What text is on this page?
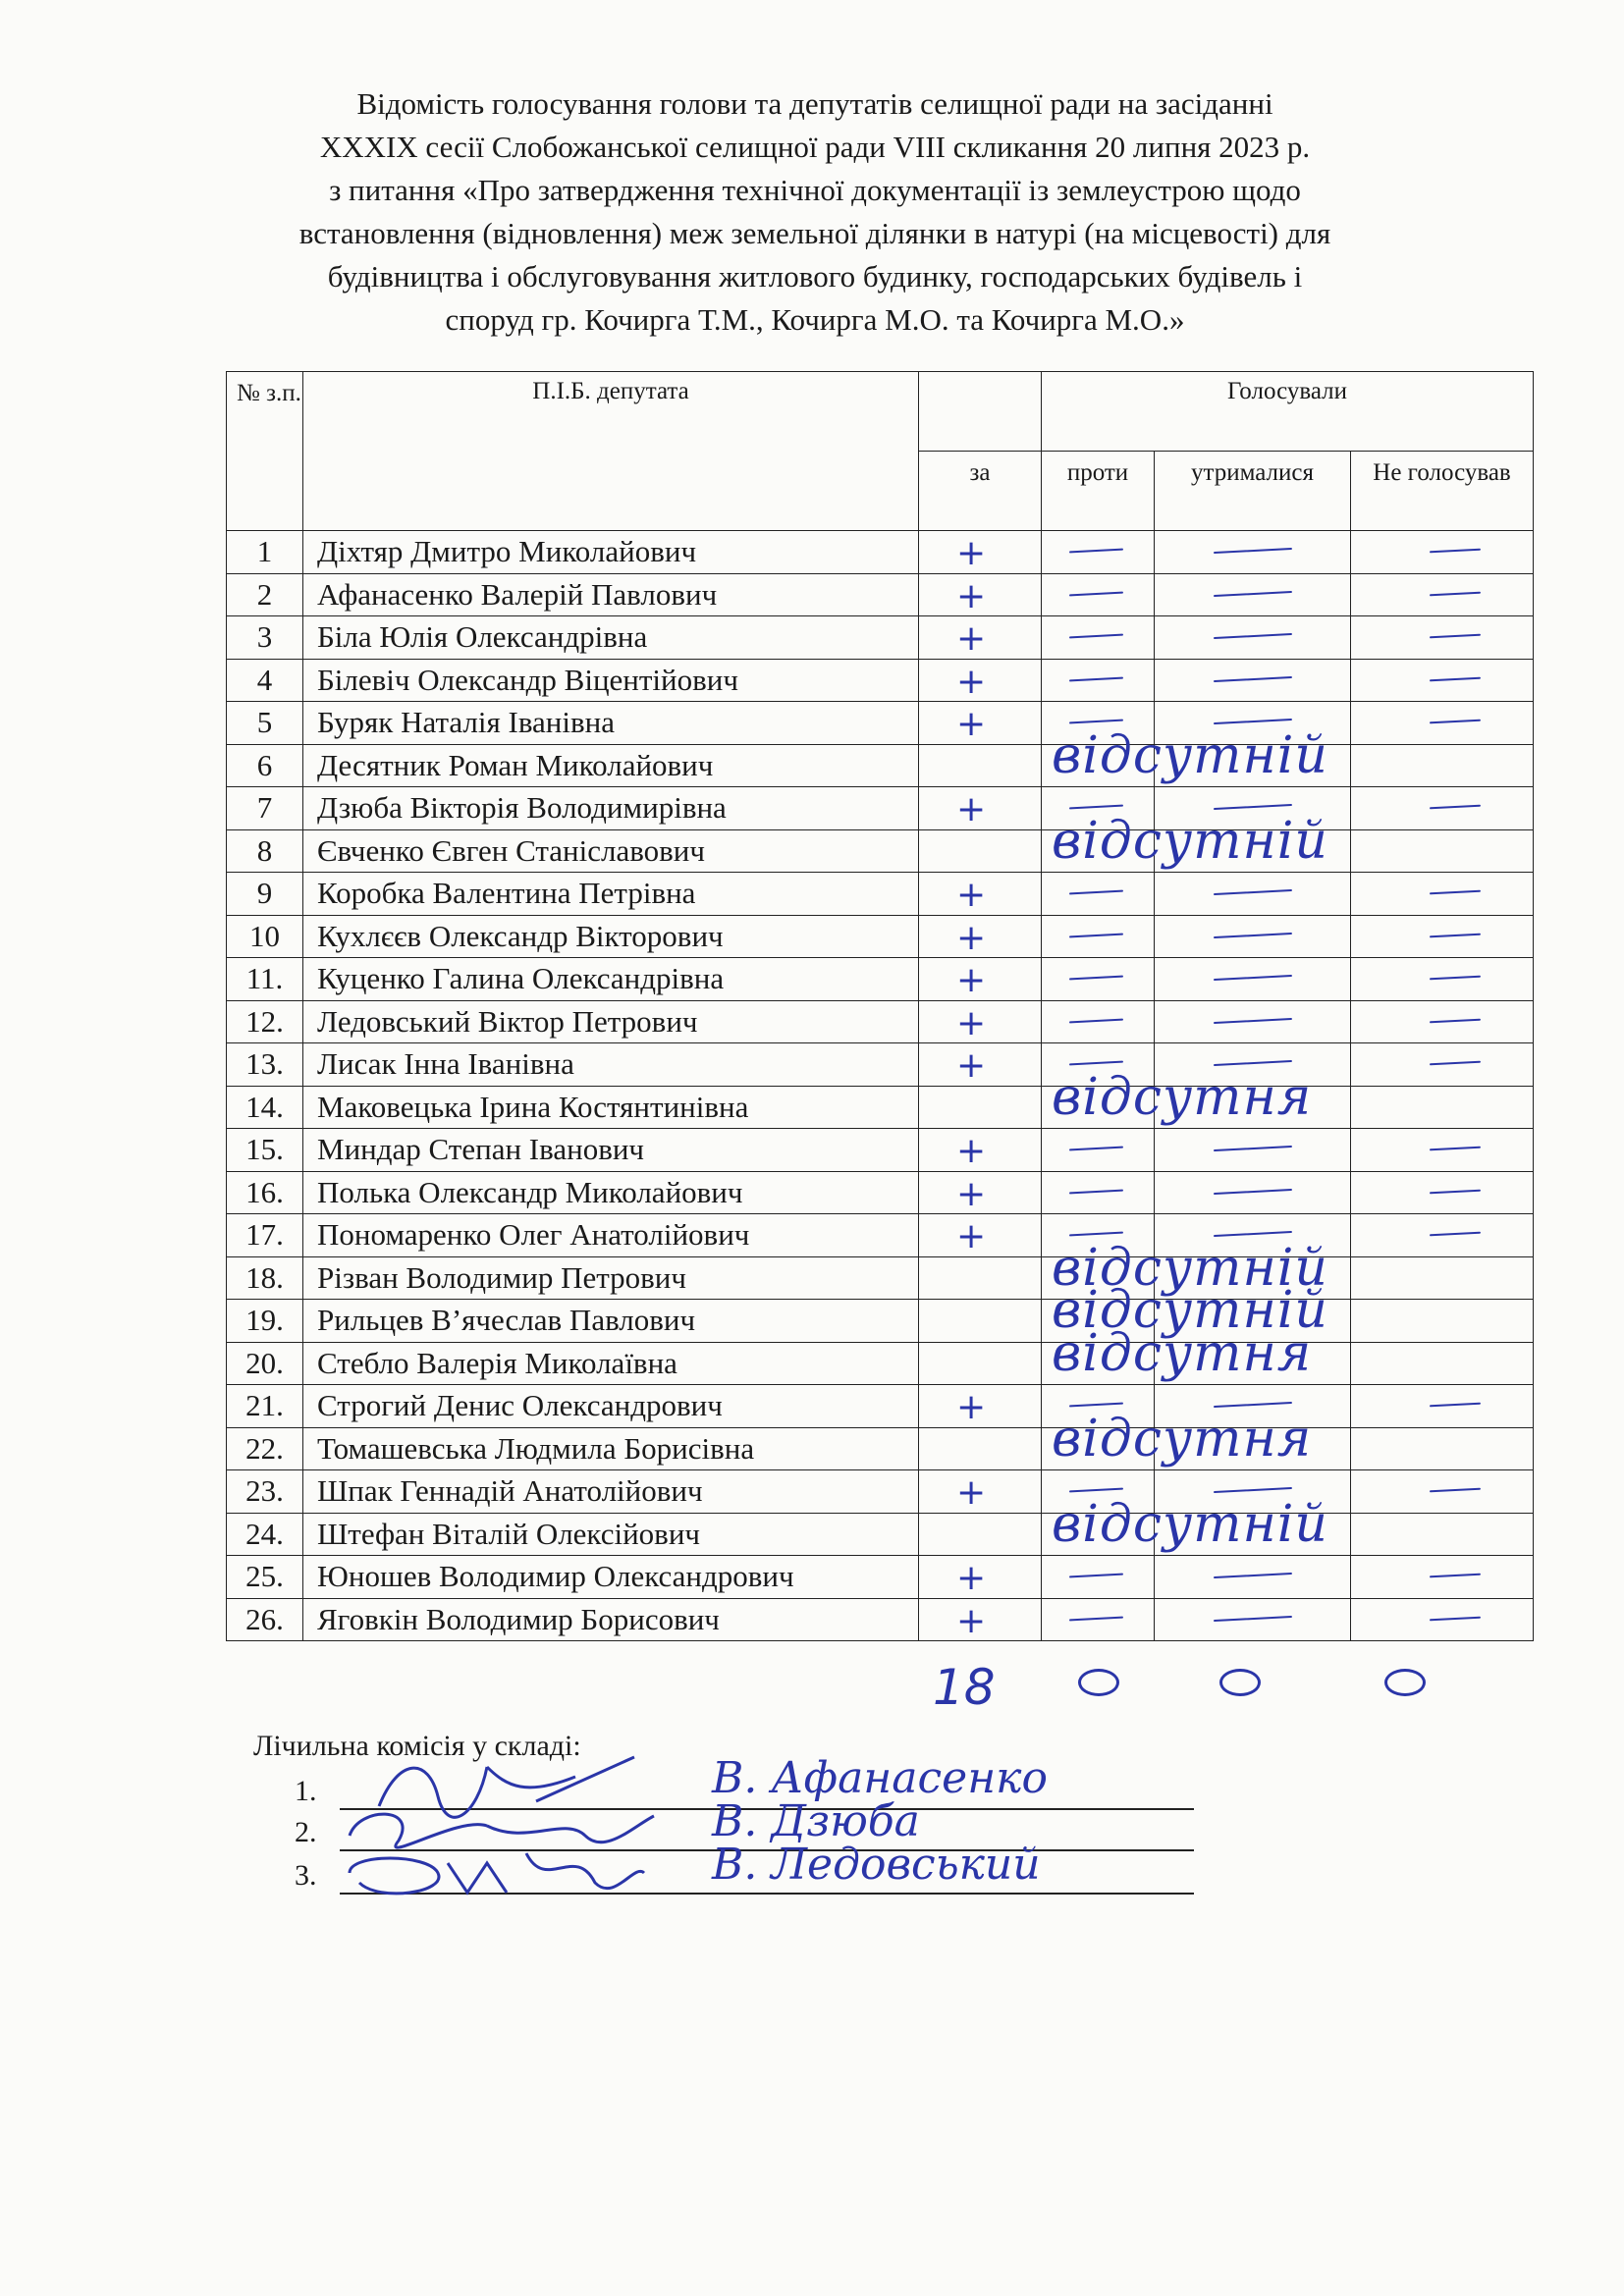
Відомість голосування голови та депутатів селищної ради на засіданні
XXXIX сесії Слобожанської селищної ради VIII скликання 20 липня 2023 р.
з питання «Про затвердження технічної документації із землеустрою щодо
встановлення (відновлення) меж земельної ділянки в натурі (на місцевості) для
будівництва і обслуговування житлового будинку, господарських будівель і
споруд гр. Кочирга Т.М., Кочирга М.О. та Кочирга М.О.»
№ з.п.	П.І.Б. депутата		Голосували		
		за	проти	утрималися	Не голосував
1	Діхтяр Дмитро Миколайович	+			

2	Афанасенко Валерій Павлович	+			

3	Біла Юлія Олександрівна	+			

4	Білевіч Олександр Віцентійович	+			

5	Буряк Наталія Іванівна	+			

6	Десятник Роман Миколайович	відсутній			

7	Дзюба Вікторія Володимирівна	+			

8	Євченко Євген Станіславович	відсутній			

9	Коробка Валентина Петрівна	+			

10	Кухлєєв Олександр Вікторович	+			

11.	Куценко Галина Олександрівна	+			

12.	Ледовський Віктор Петрович	+			

13.	Лисак Інна Іванівна	+			

14.	Маковецька Ірина Костянтинівна	відсутня			

15.	Миндар Степан Іванович	+			

16.	Полька Олександр Миколайович	+			

17.	Пономаренко Олег Анатолійович	+			

18.	Різван Володимир Петрович	відсутній			

19.	Рильцев В’ячеслав Павлович	відсутній			

20.	Стебло Валерія Миколаївна	відсутня			

21.	Строгий Денис Олександрович	+			

22.	Томашевська Людмила Борисівна	відсутня			

23.	Шпак Геннадій Анатолійович	+			

24.	Штефан Віталій Олексійович	відсутній			

25.	Юношев Володимир Олександрович	+			

26.	Яговкін Володимир Борисович	+			

18
Лічильна комісія у складі:
1.	В. Афанасенко
2.	В. Дзюба
3.	В. Ледовський
